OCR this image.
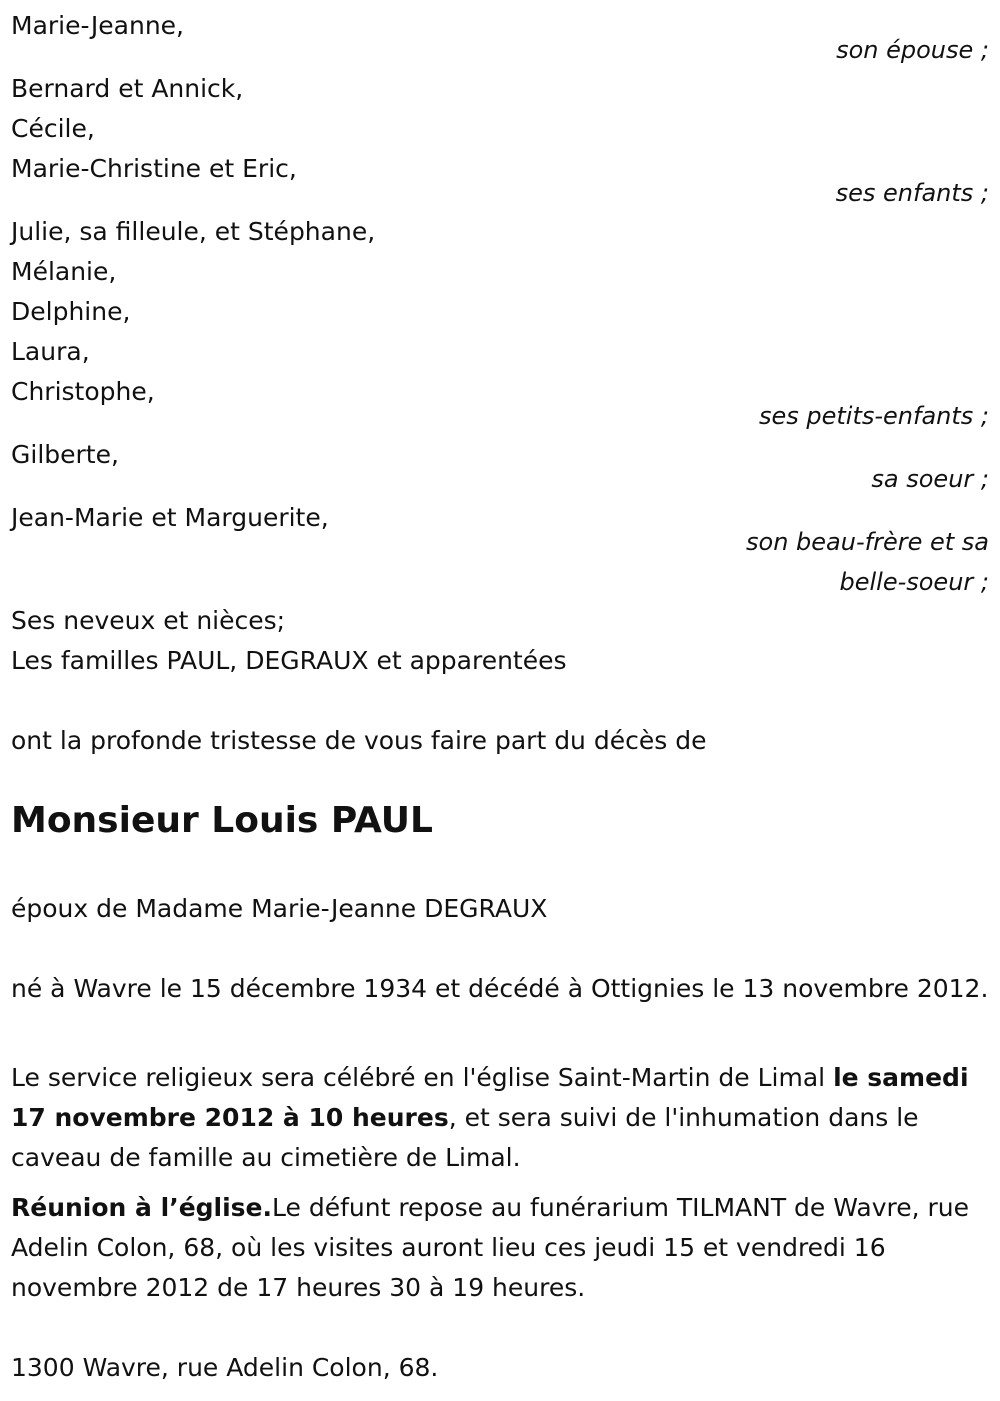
Marie-Jeanne,

son épouse ;

Bernard et Annick,

Cécile,

Marie-Christine et Eric,

ses enfants ;

Julie, sa filleule, et Stéphane,

Mélanie,

Delphine,

Laura,

Christophe,

ses petits-enfants ;

Gilberte,

sa soeur ;

Jean-Marie et Marguerite,

son beau-frère et sa

belle-soeur ;

Ses neveux et nièces;

Les familles PAUL, DEGRAUX et apparentées

ont la profonde tristesse de vous faire part du décès de

Monsieur Louis PAUL

époux de Madame Marie-Jeanne DEGRAUX

né à Wavre le 15 décembre 1934 et décédé à Ottignies le 13 novembre 2012.

Le service religieux sera célébré en l'église Saint-Martin de Limal le samedi 17 novembre 2012 à 10 heures, et sera suivi de l'inhumation dans le caveau de famille au cimetière de Limal.

Réunion à l’église.Le défunt repose au funérarium TILMANT de Wavre, rue Adelin Colon, 68, où les visites auront lieu ces jeudi 15 et vendredi 16 novembre 2012 de 17 heures 30 à 19 heures.

1300 Wavre, rue Adelin Colon, 68.
